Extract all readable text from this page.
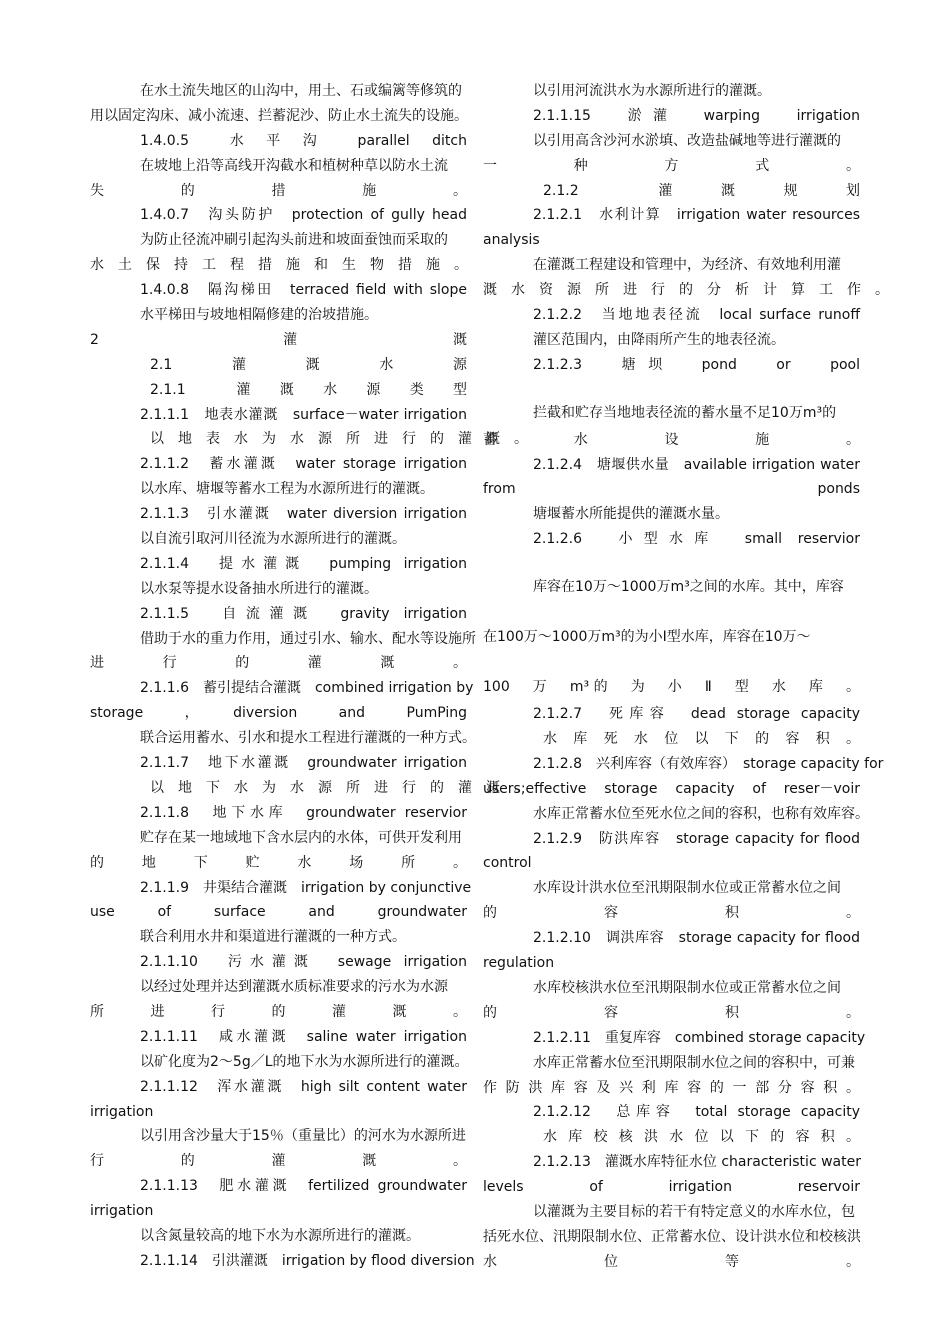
在水土流失地区的山沟中，用土、石或编篱等修筑的
用以固定沟床、减小流速、拦蓄泥沙、防止水土流失的设施。
1.4.0.5　　水　平　沟　　parallel　ditch
在坡地上沿等高线开沟截水和植树种草以防水土流
失　　的　　措　　施　　。
1.4.0.7　沟头防护　protection of gully head
为防止径流冲刷引起沟头前进和坡面蚕蚀而采取的
水　土　保　持　工　程　措　施　和　生　物　措　施　。
1.4.0.8　隔沟梯田　terraced field with slope
水平梯田与坡地相隔修建的治坡措施。
2　　　　　　灌　　　　　溉
2.1　　灌　　溉　　水　　源
2.1.1　　灌　溉　水　源　类　型
2.1.1.1　地表水灌溉　surface－water irrigation
以　地　表　水　为　水　源　所　进　行　的　灌　溉　。
2.1.1.2　蓄水灌溉　water storage irrigation
以水库、塘堰等蓄水工程为水源所进行的灌溉。
2.1.1.3　引水灌溉　water diversion irrigation
以自流引取河川径流为水源所进行的灌溉。
2.1.1.4　提水灌溉　pumping irrigation
以水泵等提水设备抽水所进行的灌溉。
2.1.1.5　自流灌溉　gravity irrigation
借助于水的重力作用，通过引水、输水、配水等设施所
进　　行　　的　　灌　　溉　　。
2.1.1.6　蓄引提结合灌溉　combined irrigation by
storage　，　diversion　and　PumPing
联合运用蓄水、引水和提水工程进行灌溉的一种方式。
2.1.1.7　地下水灌溉　groundwater irrigation
以　地　下　水　为　水　源　所　进　行　的　灌　溉　。
2.1.1.8　地下水库　groundwater reservior
贮存在某一地域地下含水层内的水体，可供开发利用
的　　地　　下　　贮　　水　　场　　所　　。
2.1.1.9　井渠结合灌溉　irrigation by conjunctive
use　of　surface　and　groundwater
联合利用水井和渠道进行灌溉的一种方式。
2.1.1.10　污水灌溉　sewage irrigation
以经过处理并达到灌溉水质标准要求的污水为水源
所　　进　　行　　的　　灌　　溉　　。
2.1.1.11　咸水灌溉　saline water irrigation
以矿化度为2～5g／L的地下水为水源所进行的灌溉。
2.1.1.12　浑水灌溉　high silt content water
irrigation
以引用含沙量大于15％（重量比）的河水为水源所进
行　　的　　灌　　溉　　。
2.1.1.13　肥水灌溉　fertilized groundwater
irrigation
以含氮量较高的地下水为水源所进行的灌溉。
2.1.1.14　引洪灌溉　irrigation by flood diversion
以引用河流洪水为水源所进行的灌溉。
2.1.1.15　淤灌　warping　irrigation
以引用高含沙河水淤填、改造盐碱地等进行灌溉的
一　　种　　方　　式　　。
2.1.2　　灌　溉　规　划
2.1.2.1　水利计算　irrigation water resources
analysis
在灌溉工程建设和管理中，为经济、有效地利用灌
溉　水　资　源　所　进　行　的　分　析　计　算　工　作　。
2.1.2.2　当地地表径流　local surface runoff
灌区范围内，由降雨所产生的地表径流。
2.1.2.3　塘坝　pond　or　pool
拦截和贮存当地地表径流的蓄水量不足10万m³的
蓄　　水　　设　　施　　。
2.1.2.4　塘堰供水量　available irrigation water
from　ponds
塘堰蓄水所能提供的灌溉水量。
2.1.2.6　小型水库　small reservior
库容在10万～1000万m³之间的水库。其中，库容
在100万～1000万m³的为小Ⅰ型水库，库容在10万～
100　万　m³的　为　小　Ⅱ　型　水　库　。
2.1.2.7　死库容　dead storage capacity
水库死水位以下的容积。
2.1.2.8　兴利库容（有效库容）　storage capacity for
users;effective storage capacity of reser－voir
水库正常蓄水位至死水位之间的容积，也称有效库容。
2.1.2.9　防洪库容　storage capacity for flood
control
水库设计洪水位至汛期限制水位或正常蓄水位之间
的　　容　　积　　。
2.1.2.10　调洪库容　storage capacity for flood
regulation
水库校核洪水位至汛期限制水位或正常蓄水位之间
的　　容　　积　　。
2.1.2.11　重复库容　combined storage capacity
水库正常蓄水位至汛期限制水位之间的容积中，可兼
作防洪库容及兴利库容的一部分容积。
2.1.2.12　总库容　total storage capacity
水库校核洪水位以下的容积。
2.1.2.13　灌溉水库特征水位 characteristic water
levels　of　irrigation　reservoir
以灌溉为主要目标的若干有特定意义的水库水位，包
括死水位、汛期限制水位、正常蓄水位、设计洪水位和校核洪
水　　位　　等　　。
